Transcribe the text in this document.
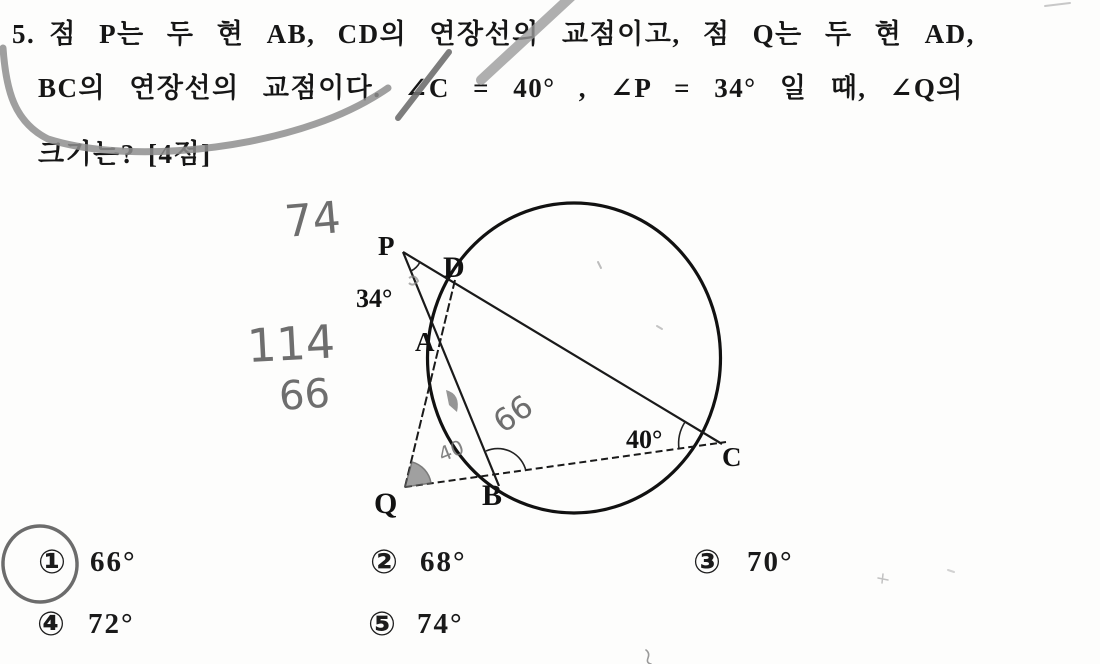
5. 점 P는 두 현 AB, CD의 연장선의 교점이고, 점 Q는 두 현 AD,
BC의 연장선의 교점이다. ∠C = 40° , ∠P = 34° 일 때, ∠Q의
크기는? [4점]
P
D
A
B
C
Q
34°
40°
74
114
66	66
40
① 66°	② 68°	③ 70°
④ 72°	⑤ 74°
